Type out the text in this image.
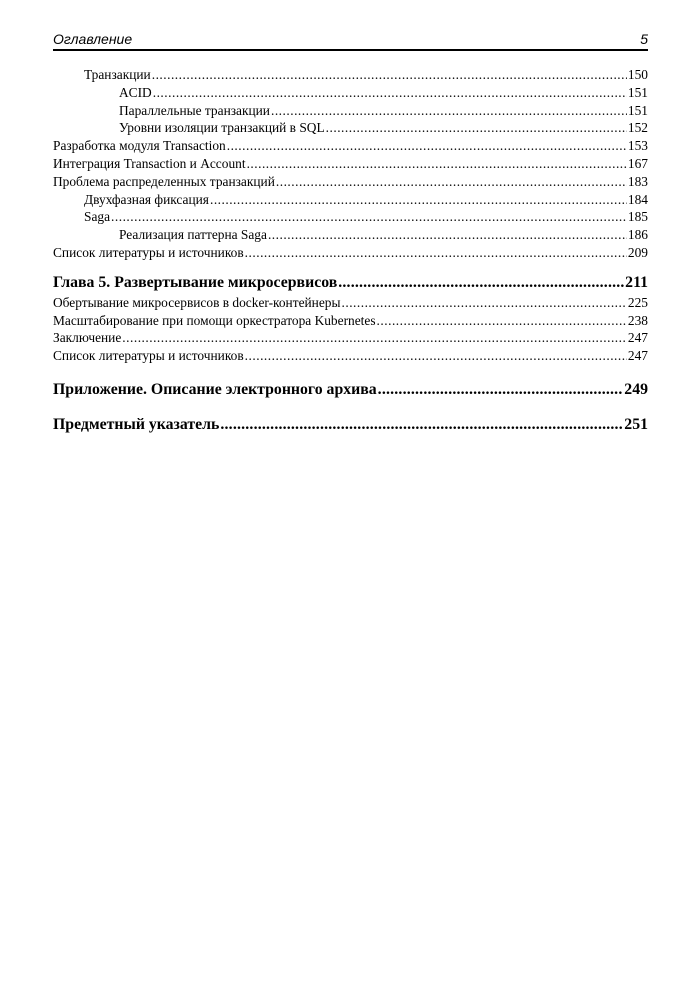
Оглавление	5
Транзакции .....	150
ACID .....	151
Параллельные транзакции .....	151
Уровни изоляции транзакций в SQL .....	152
Разработка модуля Transaction .....	153
Интеграция Transaction и Account .....	167
Проблема распределенных транзакций .....	183
Двухфазная фиксация .....	184
Saga .....	185
Реализация паттерна Saga .....	186
Список литературы и источников .....	209
Глава 5. Развертывание микросервисов .....	211
Обертывание микросервисов в docker-контейнеры .....	225
Масштабирование при помощи оркестратора Kubernetes .....	238
Заключение .....	247
Список литературы и источников .....	247
Приложение. Описание электронного архива .....	249
Предметный указатель .....	251
